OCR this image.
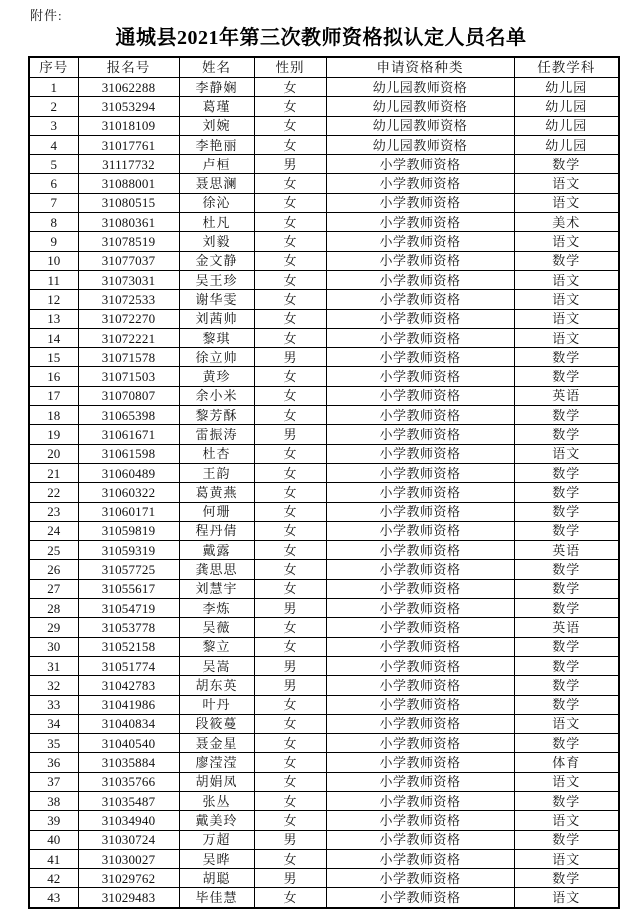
附件:
通城县2021年第三次教师资格拟认定人员名单
序号	报名号	姓名	性别	申请资格种类	任教学科
1	31062288	李静娴	女	幼儿园教师资格	幼儿园
2	31053294	葛瑾	女	幼儿园教师资格	幼儿园
3	31018109	刘婉	女	幼儿园教师资格	幼儿园
4	31017761	李艳丽	女	幼儿园教师资格	幼儿园
5	31117732	卢桓	男	小学教师资格	数学
6	31088001	聂思澜	女	小学教师资格	语文
7	31080515	徐沁	女	小学教师资格	语文
8	31080361	杜凡	女	小学教师资格	美术
9	31078519	刘毅	女	小学教师资格	语文
10	31077037	金文静	女	小学教师资格	数学
11	31073031	吴王珍	女	小学教师资格	语文
12	31072533	谢华雯	女	小学教师资格	语文
13	31072270	刘茜帅	女	小学教师资格	语文
14	31072221	黎琪	女	小学教师资格	语文
15	31071578	徐立帅	男	小学教师资格	数学
16	31071503	黄珍	女	小学教师资格	数学
17	31070807	余小米	女	小学教师资格	英语
18	31065398	黎芳酥	女	小学教师资格	数学
19	31061671	雷振涛	男	小学教师资格	数学
20	31061598	杜杏	女	小学教师资格	语文
21	31060489	王韵	女	小学教师资格	数学
22	31060322	葛黄燕	女	小学教师资格	数学
23	31060171	何珊	女	小学教师资格	数学
24	31059819	程丹倩	女	小学教师资格	数学
25	31059319	戴露	女	小学教师资格	英语
26	31057725	龚思思	女	小学教师资格	数学
27	31055617	刘慧宇	女	小学教师资格	数学
28	31054719	李炼	男	小学教师资格	数学
29	31053778	吴薇	女	小学教师资格	英语
30	31052158	黎立	女	小学教师资格	数学
31	31051774	吴嵩	男	小学教师资格	数学
32	31042783	胡东英	男	小学教师资格	数学
33	31041986	叶丹	女	小学教师资格	数学
34	31040834	段筱蔓	女	小学教师资格	语文
35	31040540	聂金星	女	小学教师资格	数学
36	31035884	廖滢滢	女	小学教师资格	体育
37	31035766	胡娟凤	女	小学教师资格	语文
38	31035487	张丛	女	小学教师资格	数学
39	31034940	戴美玲	女	小学教师资格	语文
40	31030724	万超	男	小学教师资格	数学
41	31030027	吴晔	女	小学教师资格	语文
42	31029762	胡聪	男	小学教师资格	数学
43	31029483	毕佳慧	女	小学教师资格	语文
